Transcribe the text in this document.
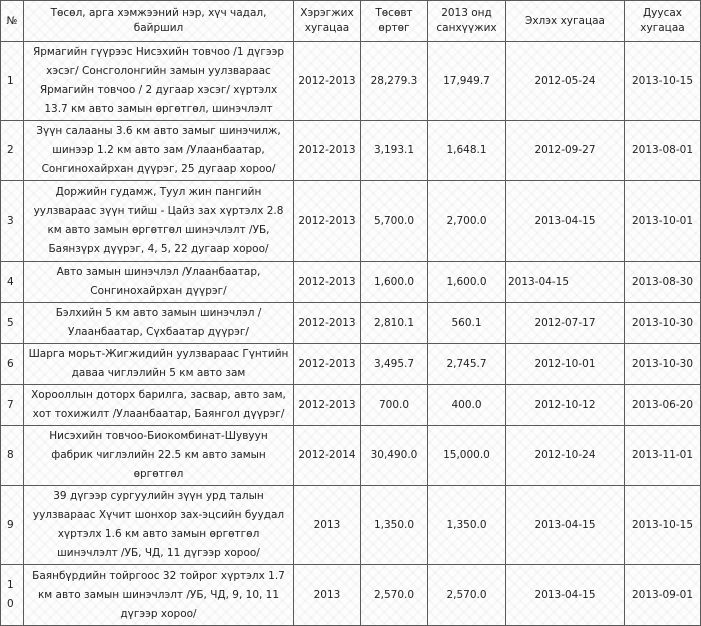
№	Төсөл, арга хэмжээний нэр, хүч чадал, байршил	Хэрэгжих хугацаа	Төсөвт өртөг	2013 онд санхүүжих	Эхлэх хугацаа	Дуусах хугацаа
1	Ярмагийн гүүрээс Нисэхийн товчоо /1 дүгээр хэсэг/ Сонсголонгийн замын уулзвараас Ярмагийн товчоо / 2 дугаар хэсэг/ хүртэлх 13.7 км авто замын өргөтгөл, шинэчлэлт	2012-2013	28,279.3	17,949.7	2012-05-24	2013-10-15
2	Зүүн салааны 3.6 км авто замыг шинэчилж, шинээр 1.2 км авто зам /Улаанбаатар, Сонгинохайрхан дүүрэг, 25 дугаар хороо/	2012-2013	3,193.1	1,648.1	2012-09-27	2013-08-01
3	Доржийн гудамж, Туул жин пангийн уулзвараас зүүн тийш - Цайз зах хүртэлх 2.8 км авто замын өргөтгөл шинэчлэлт /УБ, Баянзүрх дүүрэг, 4, 5, 22 дугаар хороо/	2012-2013	5,700.0	2,700.0	2013-04-15	2013-10-01
4	Авто замын шинэчлэл /Улаанбаатар, Сонгинохайрхан дүүрэг/	2012-2013	1,600.0	1,600.0	2013-04-15	2013-08-30
5	Бэлхийн 5 км авто замын шинэчлэл /Улаанбаатар, Сүхбаатар дүүрэг/	2012-2013	2,810.1	560.1	2012-07-17	2013-10-30
6	Шарга морьт-Жигжидийн уулзвараас Гүнтийн даваа чиглэлийн 5 км авто зам	2012-2013	3,495.7	2,745.7	2012-10-01	2013-10-30
7	Хорооллын доторх барилга, засвар, авто зам, хот тохижилт /Улаанбаатар, Баянгол дүүрэг/	2012-2013	700.0	400.0	2012-10-12	2013-06-20
8	Нисэхийн товчоо-Биокомбинат-Шувуун фабрик чиглэлийн 22.5 км авто замын өргөтгөл	2012-2014	30,490.0	15,000.0	2012-10-24	2013-11-01
9	39 дүгээр сургуулийн зүүн урд талын уулзвараас Хүчит шонхор зах-эцсийн буудал хүртэлх 1.6 км авто замын өргөтгөл шинэчлэлт /УБ, ЧД, 11 дүгээр хороо/	2013	1,350.0	1,350.0	2013-04-15	2013-10-15
10	Баянбүрдийн тойргоос 32 тойрог хүртэлх 1.7 км авто замын шинэчлэлт /УБ, ЧД, 9, 10, 11 дүгээр хороо/	2013	2,570.0	2,570.0	2013-04-15	2013-09-01
